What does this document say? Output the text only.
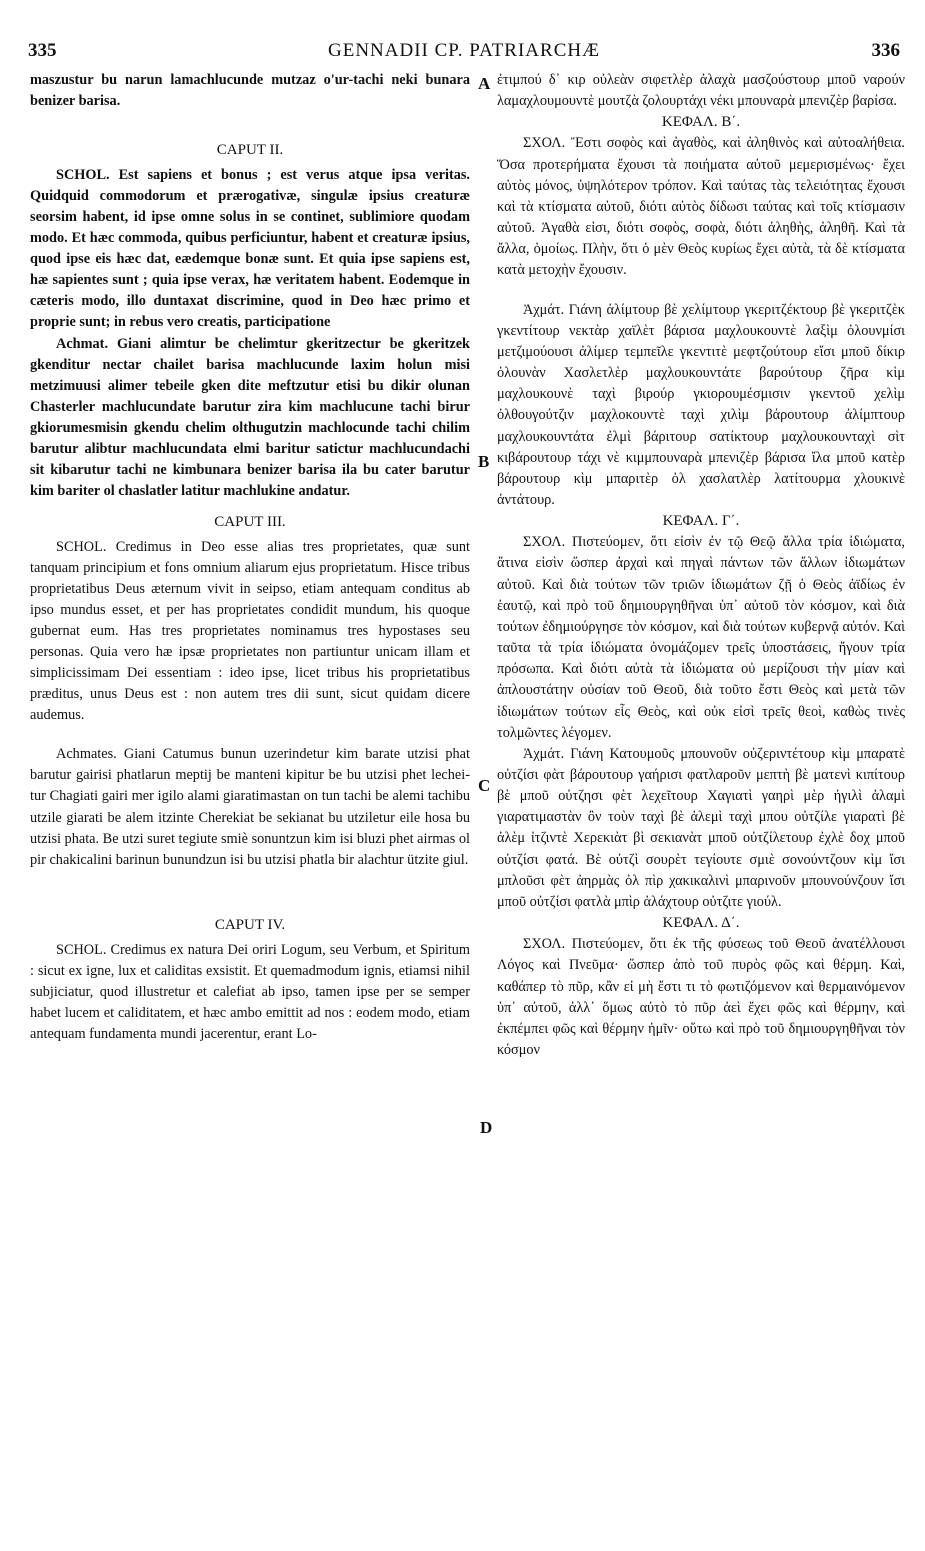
335	GENNADII CP. PATRIARCHÆ	336
A
B
C
D

maszustur bu narun lamachlucunde mutzaz o'ur-tachi neki bunara benizer barisa.

CAPUT II.

SCHOL. Est sapiens et bonus ; est verus atque ipsa veritas. Quidquid commodorum et prærogativæ, singulæ ipsius creaturæ seorsim habent, id ipse omne solus in se continet, sublimiore quodam modo. Et hæc commoda, quibus perficiuntur, habent et creaturæ ipsius, quod ipse eis hæc dat, eædemque bonæ sunt. Et quia ipse sapiens est, hæ sapientes sunt ; quia ipse verax, hæ veritatem habent. Eodemque in cæteris modo, illo duntaxat discrimine, quod in Deo hæc primo et proprie sunt; in rebus vero creatis, participatione

Achmat. Giani alimtur be chelimtur gkeritzectur be gkeritzek gkenditur nectar chailet barisa machlucunde laxim holun misi metzimuusi alimer tebeile gken dite meftzutur etisi bu dikir olunan Chasterler machlucundate barutur zira kim machlucune tachi birur gkiorumesmisin gkendu chelim olthugutzin machlocunde tachi chilim barutur alibtur machlucundata elmi baritur satictur machlucundachi sit kibarutur tachi ne kimbunara benizer barisa ila bu cater barutur kim bariter ol chaslatler latitur machlukine andatur.

CAPUT III.

SCHOL. Credimus in Deo esse alias tres proprietates, quæ sunt tanquam principium et fons omnium aliarum ejus proprietatum. Hisce tribus proprietatibus Deus æternum vivit in seipso, etiam antequam conditus ab ipso mundus esset, et per has proprietates condidit mundum, his quoque gubernat eum. Has tres proprietates nominamus tres hypostases seu personas. Quia vero hæ ipsæ proprietates non partiuntur unicam illam et simplicissimam Dei essentiam : ideo ipse, licet tribus his proprietatibus præditus, unus Deus est : non autem tres dii sunt, sicut quidam dicere audemus.

Achmates. Giani Catumus bunun uzerindetur kim barate utzisi phat barutur gairisi phatlarun meptij be manteni kipitur be bu utzisi phet lechei-tur Chagiati gairi mer igilo alami giaratimastan on tun tachi be alemi tachibu utzile giarati be alem itzinte Cherekiat be sekianat bu utziletur eile hosa bu utzisi phata. Be utzi suret tegiute smiè sonuntzun kim isi bluzi phet airmas ol pir chakicalini barinun bunundzun isi bu utzisi phatla bir alachtur ützite giul.

CAPUT IV.

SCHOL. Credimus ex natura Dei oriri Logum, seu Verbum, et Spiritum : sicut ex igne, lux et caliditas exsistit. Et quemadmodum ignis, etiamsi nihil subjiciatur, quod illustretur et calefiat ab ipso, tamen ipse per se semper habet lucem et caliditatem, et hæc ambo emittit ad nos : eodem modo, etiam antequam fundamenta mundi jacerentur, erant Lo-

ἐτιμπού δ᾽ κιρ οὐλεὰν σιφετλὲρ ἀλαχὰ μασζούστουρ μποῦ ναρούν λαμαχλουμουντὲ μουτζὰ ζολουρτάχι νέκι μπουναρὰ μπενιζὲρ βαρίσα.

ΚΕΦΑΛ. Β΄.

ΣΧΟΛ. Ἔστι σοφὸς καὶ ἀγαθὸς, καὶ ἀληθινὸς καὶ αὐτοαλήθεια. Ὅσα προτερήματα ἔχουσι τὰ ποιήματα αὐτοῦ μεμερισμένως· ἔχει αὐτὸς μόνος, ὑψηλότερον τρόπον. Καὶ ταύτας τὰς τελειότητας ἔχουσι καὶ τὰ κτίσματα αὐτοῦ, διότι αὐτὸς δίδωσι ταύτας καὶ τοῖς κτίσμασιν αὐτοῦ. Ἀγαθὰ εἰσι, διότι σοφὸς, σοφὰ, διότι ἀληθὴς, ἀληθῆ. Καὶ τὰ ἄλλα, ὁμοίως. Πλὴν, ὅτι ὁ μὲν Θεὸς κυρίως ἔχει αὐτὰ, τὰ δὲ κτίσματα κατὰ μετοχὴν ἔχουσιν.

Ἀχμάτ. Γιάνη ἀλίμτουρ βὲ χελίμτουρ γκεριτζέκτουρ βὲ γκεριτζὲκ γκεντίτουρ νεκτὰρ χαϊλὲτ βάρισα μαχλουκουντὲ λαξὶμ ὀλουνμίσι μετζιμούουσι ἀλίμερ τεμπεῖλε γκεντιτὲ μεφτζούτουρ εἴσι μποῦ δίκιρ ὀλουνὰν Χασλετλὲρ μαχλουκουντάτε βαρούτουρ ζῆρα κὶμ μαχλουκουνὲ ταχὶ βιρούρ γκιορουμέσμισιν γκεντοῦ χελὶμ ὀλθουγούτζιν μαχλοκουντὲ ταχὶ χιλὶμ βάρουτουρ ἀλίμπτουρ μαχλουκουντάτα ἐλμὶ βάριτουρ σατίκτουρ μαχλουκουνταχὶ σὶτ κιβάρουτουρ τάχι νὲ κιμμπουναρὰ μπενιζὲρ βάρισα ἴλα μποῦ κατὲρ βάρουτουρ κὶμ μπαριτὲρ ὀλ χασλατλὲρ λατίτουρμα χλουκινὲ ἀντάτουρ.

ΚΕΦΑΛ. Γ΄.

ΣΧΟΛ. Πιστεύομεν, ὅτι εἰσὶν ἐν τῷ Θεῷ ἄλλα τρία ἰδιώματα, ἅτινα εἰσὶν ὥσπερ ἀρχαὶ καὶ πηγαὶ πάντων τῶν ἄλλων ἰδιωμάτων αὐτοῦ. Καὶ διὰ τούτων τῶν τριῶν ἰδιωμάτων ζῇ ὁ Θεὸς ἀϊδίως ἐν ἑαυτῷ, καὶ πρὸ τοῦ δημιουργηθῆναι ὑπ᾽ αὐτοῦ τὸν κόσμον, καὶ διὰ τούτων ἐδημιούργησε τὸν κόσμον, καὶ διὰ τούτων κυβερνᾷ αὐτόν. Καὶ ταῦτα τὰ τρία ἰδιώματα ὀνομάζομεν τρεῖς ὑποστάσεις, ἤγουν τρία πρόσωπα. Καὶ διότι αὐτὰ τὰ ἰδιώματα οὐ μερίζουσι τὴν μίαν καὶ ἁπλουστάτην οὐσίαν τοῦ Θεοῦ, διὰ τοῦτο ἔστι Θεὸς καὶ μετὰ τῶν ἰδιωμάτων τούτων εἷς Θεὸς, καὶ οὐκ εἰσὶ τρεῖς θεοὶ, καθὼς τινὲς τολμῶντες λέγομεν.

Ἀχμάτ. Γιάνη Κατουμοῦς μπουνοῦν οὐζεριντέτουρ κὶμ μπαρατὲ οὐτζίσι φὰτ βάρουτουρ γαήρισι φατλαροῦν μεπτὴ βὲ ματενὶ κιπίτουρ βὲ μποῦ οὐτζησι φὲτ λεχεῖτουρ Χαγιατὶ γαηρὶ μὲρ ἠγιλὶ ἀλαμὶ γιαρατιμαστὰν ὂν τοὺν ταχὶ βὲ ἀλεμὶ ταχὶ μπου οὐτζίλε γιαρατὶ βὲ ἀλὲμ ἰτζιντὲ Χερεκιὰτ βὶ σεκιανὰτ μποῦ οὐτζίλετουρ ἐχλὲ δοχ μποῦ οὐτζίσι φατά. Βὲ οὐτζὶ σουρὲτ τεγίουτε σμιὲ σονούντζουν κὶμ ἴσι μπλοῦσι φὲτ ἀηρμὰς ὀλ πὶρ χακικαλινὶ μπαρινοῦν μπουνούνζουν ἴσι μποῦ οὐτζίσι φατλὰ μπὶρ ἀλάχτουρ οὐτζιτε γιούλ.

ΚΕΦΑΛ. Δ΄.

ΣΧΟΛ. Πιστεύομεν, ὅτι ἐκ τῆς φύσεως τοῦ Θεοῦ ἀνατέλλουσι Λόγος καὶ Πνεῦμα· ὥσπερ ἀπὸ τοῦ πυρὸς φῶς καὶ θέρμη. Καὶ, καθάπερ τὸ πῦρ, κἂν εἰ μὴ ἔστι τι τὸ φωτιζόμενον καὶ θερμαινόμενον ὑπ᾽ αὐτοῦ, ἀλλ᾽ ὅμως αὐτὸ τὸ πῦρ ἀεὶ ἔχει φῶς καὶ θέρμην, καὶ ἐκπέμπει φῶς καὶ θέρμην ἡμῖν· οὕτω καὶ πρὸ τοῦ δημιουργηθῆναι τὸν κόσμον
